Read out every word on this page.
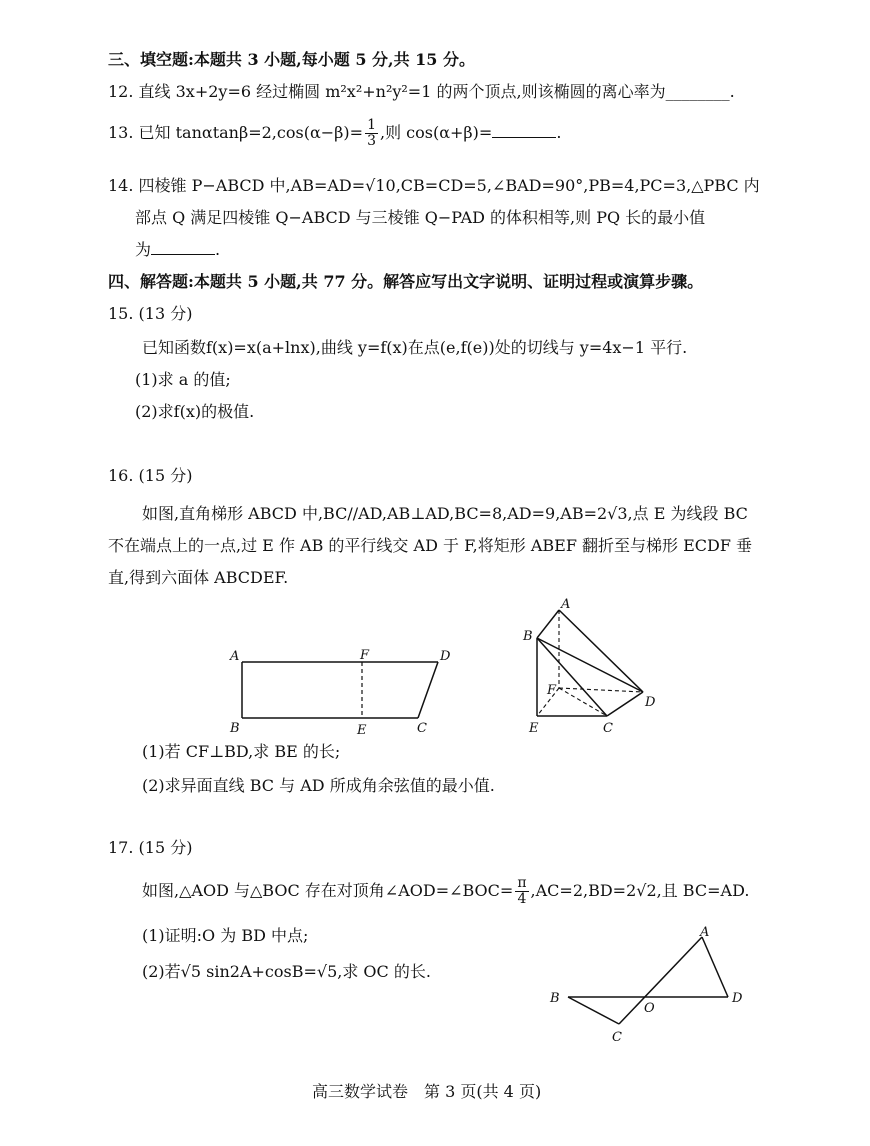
三、填空题:本题共 3 小题,每小题 5 分,共 15 分。
12. 直线 3x+2y=6 经过椭圆 m²x²+n²y²=1 的两个顶点,则该椭圆的离心率为________.
13. 已知 $\tan\alpha\tan\beta=2,\cos(\alpha-\beta)= \frac{1}{3}$ ,则 cos(α+β)=	.
14. 四棱锥 P−ABCD 中,AB=AD=√10,CB=CD=5,∠BAD=90°,PB=4,PC=3,△PBC 内
部点 Q 满足四棱锥 Q−ABCD 与三棱锥 Q−PAD 的体积相等,则 PQ 长的最小值
为	.
四、解答题:本题共 5 小题,共 77 分。解答应写出文字说明、证明过程或演算步骤。
15. (13 分)
已知函数f(x)=x(a+lnx),曲线 y=f(x)在点(e,f(e))处的切线与 y=4x−1 平行.
(1)求 a 的值;
(2)求f(x)的极值.
16. (15 分)
如图,直角梯形 ABCD 中,BC//AD,AB⊥AD,BC=8,AD=9,AB=2√3,点 E 为线段 BC
不在端点上的一点,过 E 作 AB 的平行线交 AD 于 F,将矩形 ABEF 翻折至与梯形 ECDF 垂
直,得到六面体 ABCDEF.
A	F	D
B	E	C
A
B
F
D
E	C
(1)若 CF⊥BD,求 BE 的长;
(2)求异面直线 BC 与 AD 所成角余弦值的最小值.
17. (15 分)
如图,△AOD 与△BOC 存在对顶角∠AOD=∠BOC= $\frac{\pi}{4} ,AC=2,BD=2√2$,且 BC=AD.
(1)证明:O 为 BD 中点;
(2)若√5 sin2A+cosB=√5,求 OC 的长.
A
B
O
D
C
高三数学试卷　第 3 页(共 4 页)
